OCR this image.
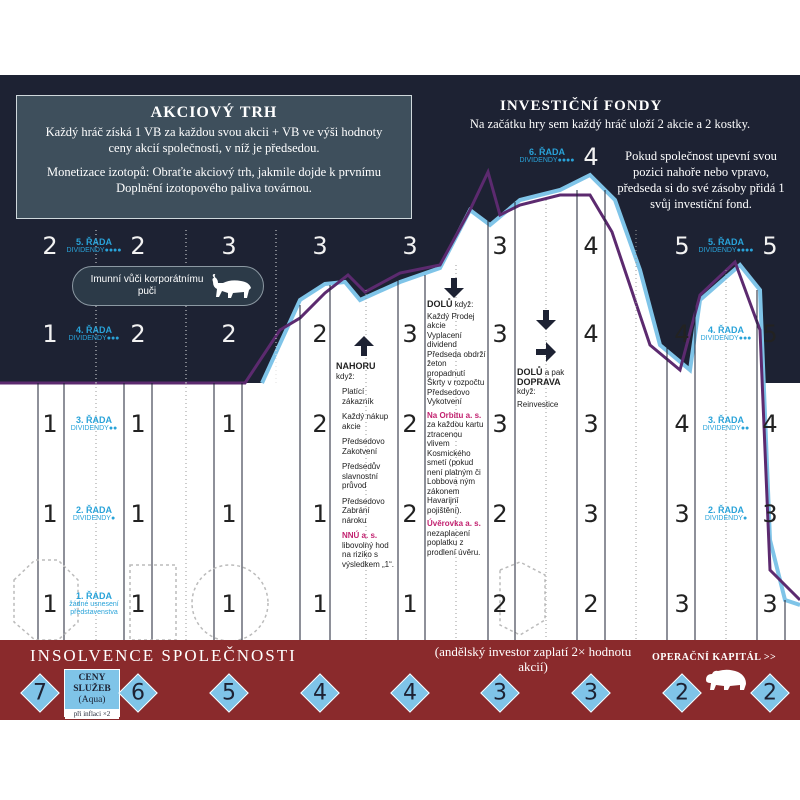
AKCIOVÝ TRH
Každý hráč získá 1 VB za každou svou akcii + VB ve výši hodnoty ceny akcií společnosti, v níž je předsedou.
Monetizace izotopů: Obraťte akciový trh, jakmile dojde k prvnímu Doplnění izotopového paliva továrnou.
INVESTIČNÍ FONDY
Na začátku hry sem každý hráč uloží 2 akcie a 2 kostky.
Pokud společnost upevní svou pozici nahoře nebo vpravo, předseda si do své zásoby přidá 1 svůj investiční fond.
Imunní vůči korporátnímu puči
6. ŘADA
DIVIDENDY●●●● 4
2	2	3	3	3	3	4	5	5
1	2	2	2	3	3	4	4	5
1	1	1	2	2	3	3	4	4
1	1	1	1	2	2	3	3	3
1	1	1	1	1	2	2	3	3
5. ŘADA
DIVIDENDY●●●●
4. ŘADA
DIVIDENDY●●●
3. ŘADA
DIVIDENDY●●
2. ŘADA
DIVIDENDY●
1. ŘADA
žádné usnesení představenstva
5. ŘADA
DIVIDENDY●●●●
4. ŘADA
DIVIDENDY●●●
3. ŘADA
DIVIDENDY●●
2. ŘADA
DIVIDENDY●
NAHORU
když:
Platící zákazník
Každý nákup akcie
Předsedovo Zakotvení
Předsedův slavnostní průvod
Předsedovo Zabrání nároku
NNÚ a. s.
libovolný hod na riziko s výsledkem „1“.
DOLŮ když:
Každý Prodej akcie
Vyplacení dividend
Předseda obdrží žeton propadnutí
Škrty v rozpočtu
Předsedovo Vykotvení
Na Orbitu a. s.
za každou kartu ztracenou vlivem Kosmického smetí (pokud není platným či Lobbova ným zákonem Havarijní pojištění).
Úvěrovka a. s.
nezaplacení poplatku z prodlení úvěru.
DOLŮ a pak
DOPRAVA
když:
Reinvestice
INSOLVENCE SPOLEČNOSTI	(andělský investor zaplatí 2× hodnotu akcií)
OPERAČNÍ KAPITÁL >>
CENY SLUŽEB
(Aqua)
při inflaci ×2
7	6	5	4	4	3	3	2	2
